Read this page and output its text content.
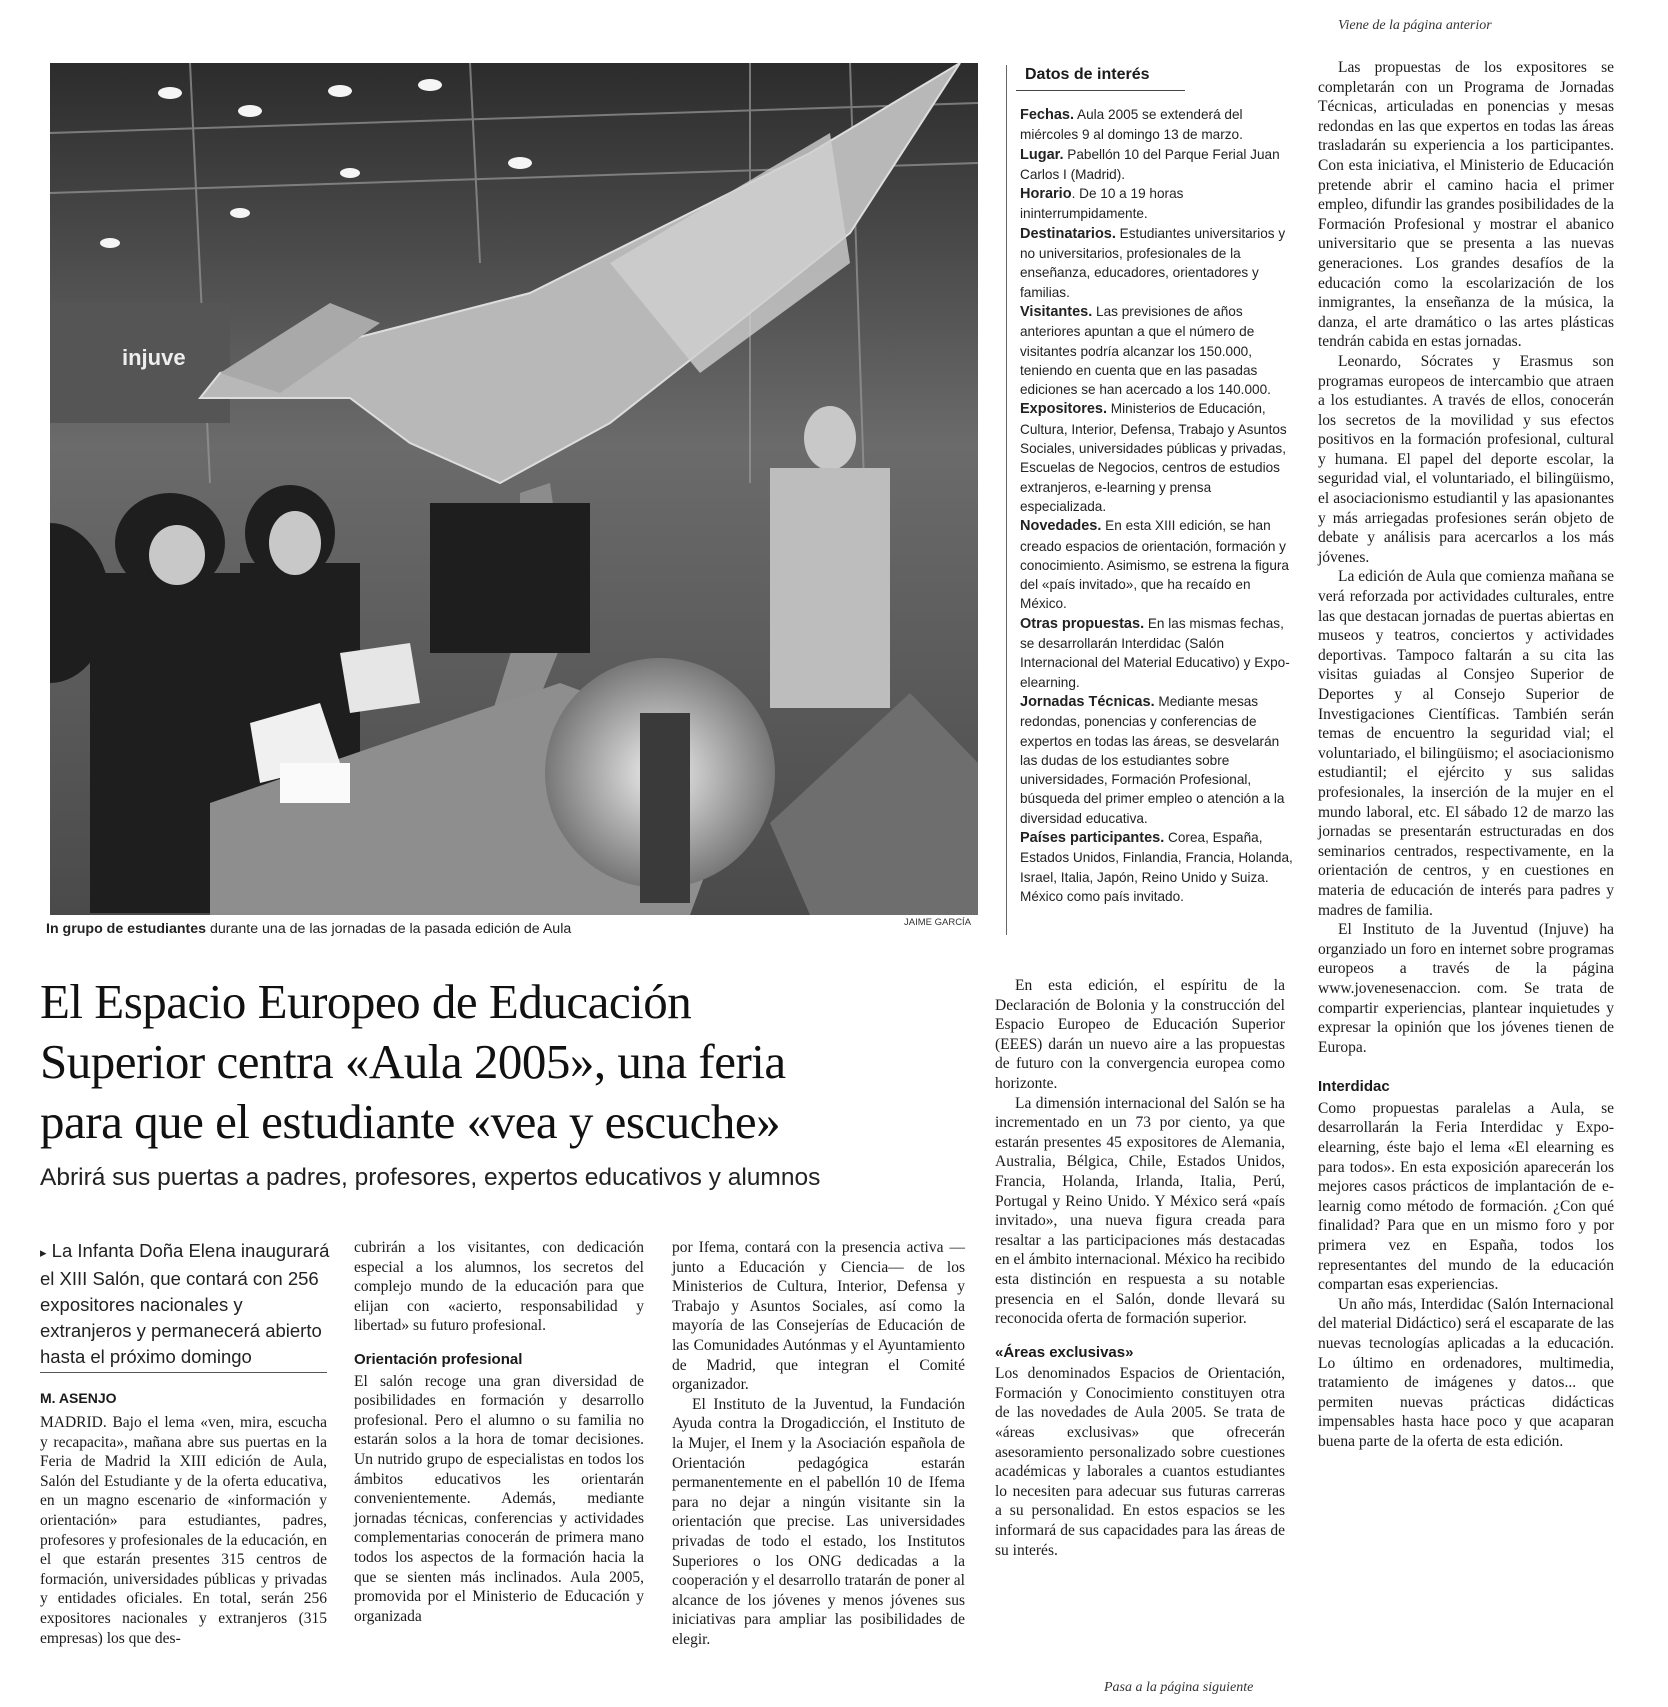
Viene de la página anterior
injuve
In grupo de estudiantes durante una de las jornadas de la pasada edición de Aula	JAIME GARCÍA
Datos de interés

Fechas. Aula 2005 se extenderá del miércoles 9 al domingo 13 de marzo.

Lugar. Pabellón 10 del Parque Ferial Juan Carlos I (Madrid).

Horario. De 10 a 19 horas ininterrumpidamente.

Destinatarios. Estudiantes universitarios y no universitarios, profesionales de la enseñanza, educadores, orientadores y familias.

Visitantes. Las previsiones de años anteriores apuntan a que el número de visitantes podría alcanzar los 150.000, teniendo en cuenta que en las pasadas ediciones se han acercado a los 140.000.

Expositores. Ministerios de Educación, Cultura, Interior, Defensa, Trabajo y Asuntos Sociales, universidades públicas y privadas, Escuelas de Negocios, centros de estudios extranjeros, e-learning y prensa especializada.

Novedades. En esta XIII edición, se han creado espacios de orientación, formación y conocimiento. Asimismo, se estrena la figura del «país invitado», que ha recaído en México.

Otras propuestas. En las mismas fechas, se desarrollarán Interdidac (Salón Internacional del Material Educativo) y Expo-elearning.

Jornadas Técnicas. Mediante mesas redondas, ponencias y conferencias de expertos en todas las áreas, se desvelarán las dudas de los estudiantes sobre universidades, Formación Profesional, búsqueda del primer empleo o atención a la diversidad educativa.

Países participantes. Corea, España, Estados Unidos, Finlandia, Francia, Holanda, Israel, Italia, Japón, Reino Unido y Suiza. México como país invitado.

El Espacio Europeo de Educación
Superior centra «Aula 2005», una feria
para que el estudiante «vea y escuche»
Abrirá sus puertas a padres, profesores, expertos educativos y alumnos
▸ La Infanta Doña Elena inaugurará el XIII Salón, que contará con 256 expositores nacionales y extranjeros y permanecerá abierto hasta el próximo domingo
M. ASENJO

MADRID. Bajo el lema «ven, mira, escucha y recapacita», mañana abre sus puertas en la Feria de Madrid la XIII edición de Aula, Salón del Estudiante y de la oferta educativa, en un magno escenario de «información y orientación» para estudiantes, padres, profesores y profesionales de la educación, en el que estarán presentes 315 centros de formación, universidades públicas y privadas y entidades oficiales. En total, serán 256 expositores nacionales y extranjeros (315 empresas) los que des-

cubrirán a los visitantes, con dedicación especial a los alumnos, los secretos del complejo mundo de la educación para que elijan con «acierto, responsabilidad y libertad» su futuro profesional.

Orientación profesional

El salón recoge una gran diversidad de posibilidades en formación y desarrollo profesional. Pero el alumno o su familia no estarán solos a la hora de tomar decisiones. Un nutrido grupo de especialistas en todos los ámbitos educativos les orientarán convenientemente. Además, mediante jornadas técnicas, conferencias y actividades complementarias conocerán de primera mano todos los aspectos de la formación hacia la que se sienten más inclinados. Aula 2005, promovida por el Ministerio de Educación y organizada

por Ifema, contará con la presencia activa —junto a Educación y Ciencia— de los Ministerios de Cultura, Interior, Defensa y Trabajo y Asuntos Sociales, así como la mayoría de las Consejerías de Educación de las Comunidades Autónmas y el Ayuntamiento de Madrid, que integran el Comité organizador.

El Instituto de la Juventud, la Fundación Ayuda contra la Drogadicción, el Instituto de la Mujer, el Inem y la Asociación española de Orientación pedagógica estarán permanentemente en el pabellón 10 de Ifema para no dejar a ningún visitante sin la orientación que precise. Las universidades privadas de todo el estado, los Institutos Superiores o los ONG dedicadas a la cooperación y el desarrollo tratarán de poner al alcance de los jóvenes y menos jóvenes sus iniciativas para ampliar las posibilidades de elegir.

En esta edición, el espíritu de la Declaración de Bolonia y la construcción del Espacio Europeo de Educación Superior (EEES) darán un nuevo aire a las propuestas de futuro con la convergencia europea como horizonte.

La dimensión internacional del Salón se ha incrementado en un 73 por ciento, ya que estarán presentes 45 expositores de Alemania, Australia, Bélgica, Chile, Estados Unidos, Francia, Holanda, Irlanda, Italia, Perú, Portugal y Reino Unido. Y México será «país invitado», una nueva figura creada para resaltar a las participaciones más destacadas en el ámbito internacional. México ha recibido esta distinción en respuesta a su notable presencia en el Salón, donde llevará su reconocida oferta de formación superior.

«Áreas exclusivas»

Los denominados Espacios de Orientación, Formación y Conocimiento constituyen otra de las novedades de Aula 2005. Se trata de «áreas exclusivas» que ofrecerán asesoramiento personalizado sobre cuestiones académicas y laborales a cuantos estudiantes lo necesiten para adecuar sus futuras carreras a su personalidad. En estos espacios se les informará de sus capacidades para las áreas de su interés.

Pasa a la página siguiente

Las propuestas de los expositores se completarán con un Programa de Jornadas Técnicas, articuladas en ponencias y mesas redondas en las que expertos en todas las áreas trasladarán su experiencia a los participantes. Con esta iniciativa, el Ministerio de Educación pretende abrir el camino hacia el primer empleo, difundir las grandes posibilidades de la Formación Profesional y mostrar el abanico universitario que se presenta a las nuevas generaciones. Los grandes desafíos de la educación como la escolarización de los inmigrantes, la enseñanza de la música, la danza, el arte dramático o las artes plásticas tendrán cabida en estas jornadas.

Leonardo, Sócrates y Erasmus son programas europeos de intercambio que atraen a los estudiantes. A través de ellos, conocerán los secretos de la movilidad y sus efectos positivos en la formación profesional, cultural y humana. El papel del deporte escolar, la seguridad vial, el voluntariado, el bilingüismo, el asociacionismo estudiantil y las apasionantes y más arriegadas profesiones serán objeto de debate y análisis para acercarlos a los más jóvenes.

La edición de Aula que comienza mañana se verá reforzada por actividades culturales, entre las que destacan jornadas de puertas abiertas en museos y teatros, conciertos y actividades deportivas. Tampoco faltarán a su cita las visitas guiadas al Consjeo Superior de Deportes y al Consejo Superior de Investigaciones Científicas. También serán temas de encuentro la seguridad vial; el voluntariado, el bilingüismo; el asociacionismo estudiantil; el ejército y sus salidas profesionales, la inserción de la mujer en el mundo laboral, etc. El sábado 12 de marzo las jornadas se presentarán estructuradas en dos seminarios centrados, respectivamente, en la orientación de centros, y en cuestiones en materia de educación de interés para padres y madres de familia.

El Instituto de la Juventud (Injuve) ha organziado un foro en internet sobre programas europeos a través de la página www.jovenesenaccion. com. Se trata de compartir experiencias, plantear inquietudes y expresar la opinión que los jóvenes tienen de Europa.

Interdidac

Como propuestas paralelas a Aula, se desarrollarán la Feria Interdidac y Expo-elearning, éste bajo el lema «El elearning es para todos». En esta exposición aparecerán los mejores casos prácticos de implantación de e-learnig como método de formación. ¿Con qué finalidad? Para que en un mismo foro y por primera vez en España, todos los representantes del mundo de la educación compartan esas experiencias.

Un año más, Interdidac (Salón Internacional del material Didáctico) será el escaparate de las nuevas tecnologías aplicadas a la educación. Lo último en ordenadores, multimedia, tratamiento de imágenes y datos... que permiten nuevas prácticas didácticas impensables hasta hace poco y que acaparan buena parte de la oferta de esta edición.
